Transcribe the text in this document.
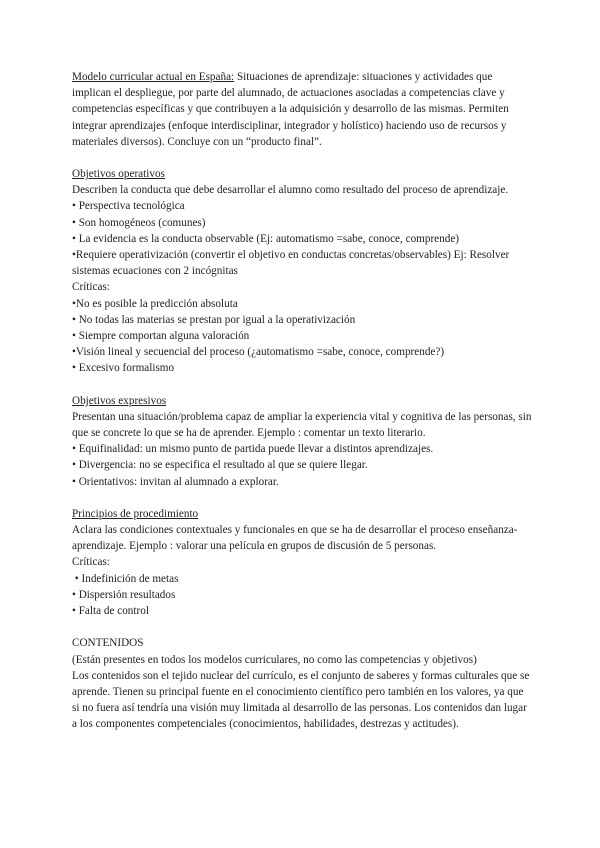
Modelo curricular actual en España: Situaciones de aprendizaje: situaciones y actividades que implican el despliegue, por parte del alumnado, de actuaciones asociadas a competencias clave y competencias específicas y que contribuyen a la adquisición y desarrollo de las mismas. Permiten integrar aprendizajes (enfoque interdisciplinar, integrador y holístico) haciendo uso de recursos y materiales diversos). Concluye con un “producto final”.

Objetivos operativos

Describen la conducta que debe desarrollar el alumno como resultado del proceso de aprendizaje.

• Perspectiva tecnológica

• Son homogéneos (comunes)

• La evidencia es la conducta observable (Ej: automatismo =sabe, conoce, comprende)

•Requiere operativización (convertir el objetivo en conductas concretas/observables) Ej: Resolver sistemas ecuaciones con 2 incógnitas

Críticas:

•No es posible la predicción absoluta

• No todas las materias se prestan por igual a la operativización

• Siempre comportan alguna valoración

•Visión lineal y secuencial del proceso (¿automatismo =sabe, conoce, comprende?)

• Excesivo formalismo

Objetivos expresivos

Presentan una situación/problema capaz de ampliar la experiencia vital y cognitiva de las personas, sin que se concrete lo que se ha de aprender. Ejemplo : comentar un texto literario.

• Equifinalidad: un mismo punto de partida puede llevar a distintos aprendizajes.

• Divergencia: no se especifica el resultado al que se quiere llegar.

• Orientativos: invitan al alumnado a explorar.

Principios de procedimiento

Aclara las condiciones contextuales y funcionales en que se ha de desarrollar el proceso enseñanza- aprendizaje. Ejemplo : valorar una película en grupos de discusión de 5 personas.

Críticas:

• Indefinición de metas

• Dispersión resultados

• Falta de control

CONTENIDOS

(Están presentes en todos los modelos curriculares, no como las competencias y objetivos)

Los contenidos son el tejido nuclear del currículo, es el conjunto de saberes y formas culturales que se aprende. Tienen su principal fuente en el conocimiento científico pero también en los valores, ya que si no fuera así tendría una visión muy limitada al desarrollo de las personas. Los contenidos dan lugar a los componentes competenciales (conocimientos, habilidades, destrezas y actitudes).
